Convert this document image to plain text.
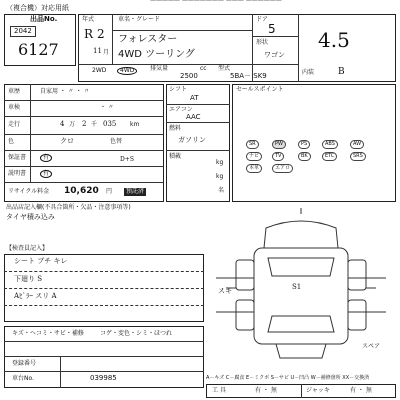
————— ——————— ——— ——————
（複合機）対応用紙
出品No.
2042
6127
年式
R 2
11 月
車名・グレード
フォレスター
4WD ツーリング
ドア
5
形状
ワゴン
4.5
内装	B
2WD	4WD	排気量	cc
2500
型式
5BA－ SK9
車歴	自家用 ・ 〃 ・ 〃
車検	・ 〃
走行	4 万 2 千 035 km
色	クロ	色替
保証書	有
説明書	有
D+S
リサイクル料金 10,620 円	預託済
出品店記入欄(不具合箇所・欠品・注意事項等)
タイヤ積み込み
シフト
AT
エアコン
AAC
燃料
ガソリン
積載
kg
kg
名
セールスポイント
SR	PW	PS	ABS	AW
ナビ	TV	BK	ETC	SRS
本革	エアロ
【検査員記入】
シート ブチ キレ
下廻り S
Aﾋﾟﾗｰ スリ A
スキ	S1
スペア
キズ・ヘコミ・サビ・補修	コゲ・変色・シミ・ほつれ
登録番号
車台No.	039985	A－キズ C－腐食 E－ミクボ S－サビ U－凹凸 W－補修箇所 XX－交換済
工 具	有 ・ 無	ジャッキ	有 ・ 無
